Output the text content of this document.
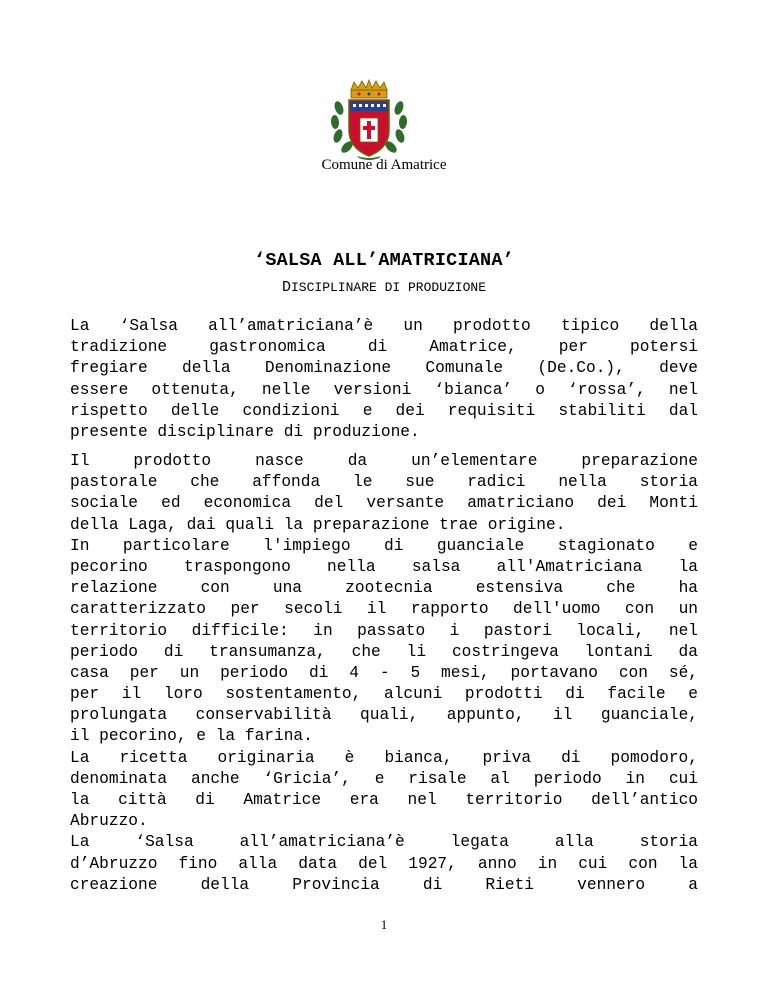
Comune di Amatrice
‘SALSA ALL’AMATRICIANA’
DISCIPLINARE DI PRODUZIONE
La ‘Salsa all’amatriciana’è un prodotto tipico della
tradizione gastronomica di Amatrice, per potersi
fregiare della Denominazione Comunale (De.Co.), deve
essere ottenuta, nelle versioni ‘bianca’ o ‘rossa’, nel
rispetto delle condizioni e dei requisiti stabiliti dal
presente disciplinare di produzione.
Il prodotto nasce da un’elementare preparazione
pastorale che affonda le sue radici nella storia
sociale ed economica del versante amatriciano dei Monti
della Laga, dai quali la preparazione trae origine.
In particolare l'impiego di guanciale stagionato e
pecorino traspongono nella salsa all'Amatriciana la
relazione con una zootecnia estensiva che ha
caratterizzato per secoli il rapporto dell'uomo con un
territorio difficile: in passato i pastori locali, nel
periodo di transumanza, che li costringeva lontani da
casa per un periodo di 4 - 5 mesi, portavano con sé,
per il loro sostentamento, alcuni prodotti di facile e
prolungata conservabilità quali, appunto, il guanciale,
il pecorino, e la farina.
La ricetta originaria è bianca, priva di pomodoro,
denominata anche ‘Gricia’, e risale al periodo in cui
la città di Amatrice era nel territorio dell’antico
Abruzzo.
La ‘Salsa all’amatriciana’è legata alla storia
d’Abruzzo fino alla data del 1927, anno in cui con la
creazione della Provincia di Rieti vennero a
1
